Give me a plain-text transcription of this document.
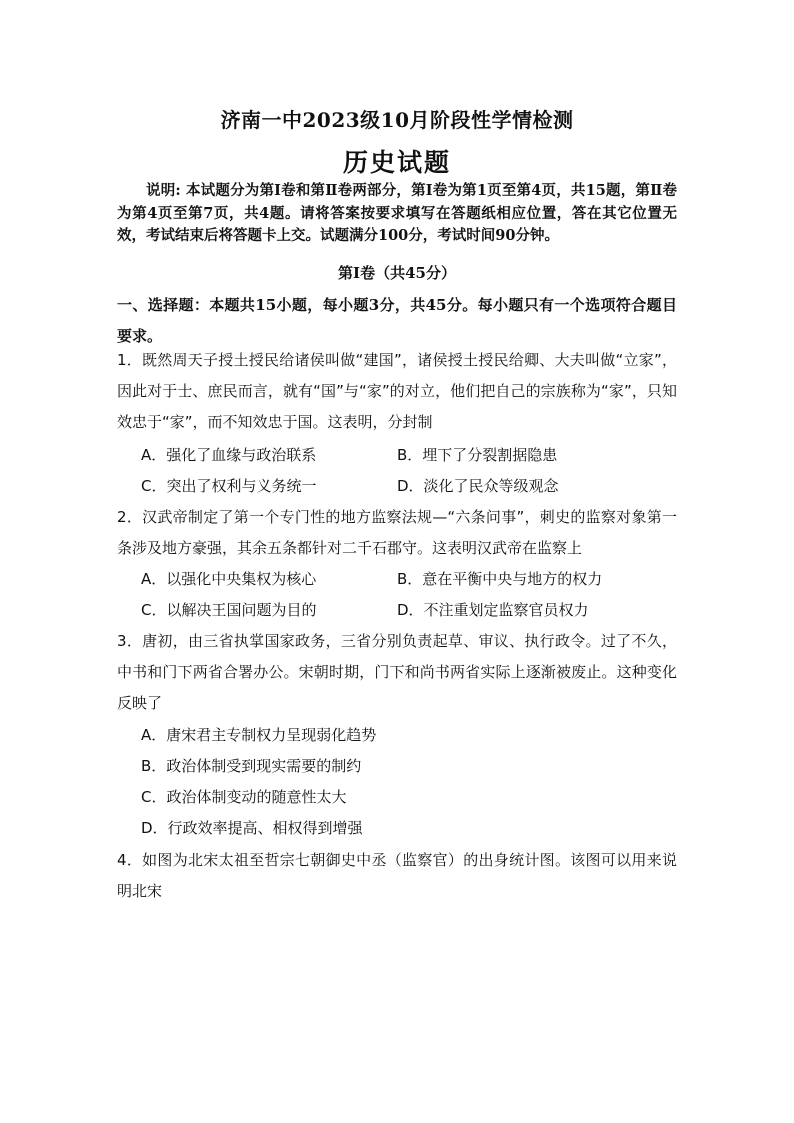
济南一中2023级10月阶段性学情检测
历史试题
说明: 本试题分为第Ⅰ卷和第Ⅱ卷两部分，第Ⅰ卷为第1页至第4页，共15题，第Ⅱ卷为第4页至第7页，共4题。请将答案按要求填写在答题纸相应位置，答在其它位置无效，考试结束后将答题卡上交。试题满分100分，考试时间90分钟。
第Ⅰ卷（共45分）
一、选择题：本题共15小题，每小题3分，共45分。每小题只有一个选项符合题目要求。
1．既然周天子授土授民给诸侯叫做“建国”，诸侯授土授民给卿、大夫叫做“立家”，因此对于士、庶民而言，就有“国”与“家”的对立，他们把自己的宗族称为“家”，只知效忠于“家”，而不知效忠于国。这表明，分封制
A．强化了血缘与政治联系	B．埋下了分裂割据隐患
C．突出了权利与义务统一	D．淡化了民众等级观念
2．汉武帝制定了第一个专门性的地方监察法规—“六条问事”，刺史的监察对象第一条涉及地方豪强，其余五条都针对二千石郡守。这表明汉武帝在监察上
A．以强化中央集权为核心	B．意在平衡中央与地方的权力
C．以解决王国问题为目的	D．不注重划定监察官员权力
3．唐初，由三省执掌国家政务，三省分别负责起草、审议、执行政令。过了不久，中书和门下两省合署办公。宋朝时期，门下和尚书两省实际上逐渐被废止。这种变化反映了
A．唐宋君主专制权力呈现弱化趋势
B．政治体制受到现实需要的制约
C．政治体制变动的随意性太大
D．行政效率提高、相权得到增强
4．如图为北宋太祖至哲宗七朝御史中丞（监察官）的出身统计图。该图可以用来说明北宋
